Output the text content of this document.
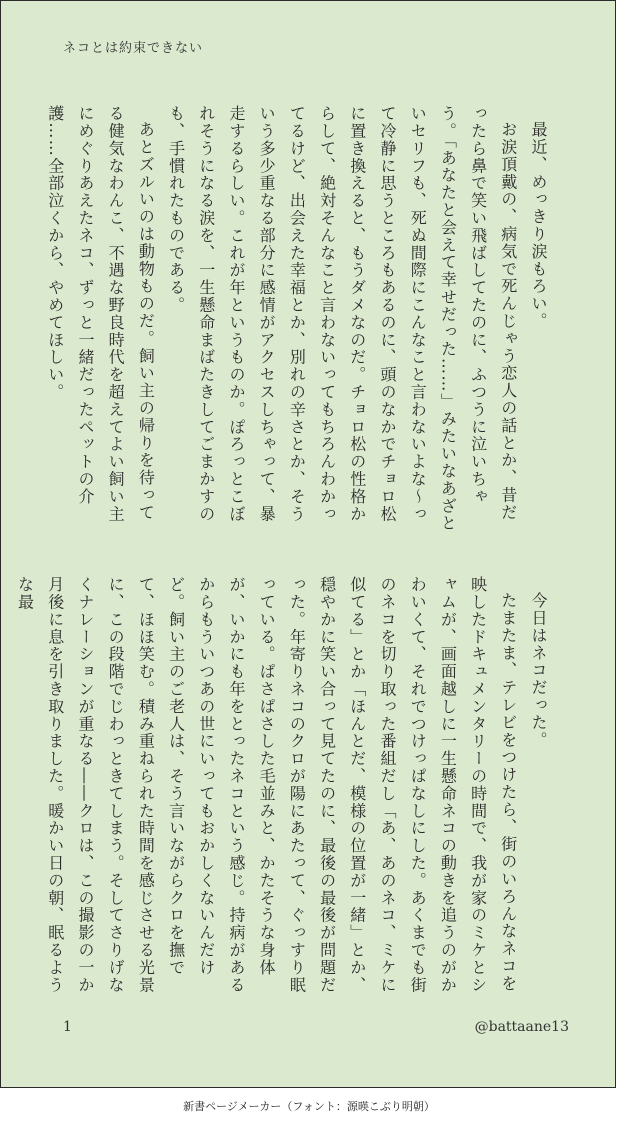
ネコとは約束できない

最近、めっきり涙もろい。

お涙頂戴の、病気で死んじゃう恋人の話とか、昔だったら鼻で笑い飛ばしてたのに、ふつうに泣いちゃう。「あなたと会えて幸せだった……」みたいなあざといセリフも、死ぬ間際にこんなこと言わないよな〜って冷静に思うところもあるのに、頭のなかでチョロ松に置き換えると、もうダメなのだ。チョロ松の性格からして、絶対そんなこと言わないってもちろんわかってるけど、出会えた幸福とか、別れの辛さとか、そういう多少重なる部分に感情がアクセスしちゃって、暴走するらしい。これが年というものか。ぽろっとこぼれそうになる涙を、一生懸命まばたきしてごまかすのも、手慣れたものである。

あとズルいのは動物ものだ。飼い主の帰りを待ってる健気なわんこ、不遇な野良時代を超えてよい飼い主にめぐりあえたネコ、ずっと一緒だったペットの介護……全部泣くから、やめてほしい。

今日はネコだった。

たまたま、テレビをつけたら、街のいろんなネコを映したドキュメンタリーの時間で、我が家のミケとシャムが、画面越しに一生懸命ネコの動きを追うのがかわいくて、それでつけっぱなしにした。あくまでも街のネコを切り取った番組だし「あ、あのネコ、ミケに似てる」とか「ほんとだ、模様の位置が一緒」とか、穏やかに笑い合って見てたのに、最後の最後が問題だった。年寄りネコのクロが陽にあたって、ぐっすり眠っている。ぱさぱさした毛並みと、かたそうな身体が、いかにも年をとったネコという感じ。持病があるからもういつあの世にいってもおかしくないんだけど。飼い主のご老人は、そう言いながらクロを撫でて、ほほ笑む。積み重ねられた時間を感じさせる光景に、この段階でじわっときてしまう。そしてさりげなくナレーションが重なる――クロは、この撮影の一か月後に息を引き取りました。暖かい日の朝、眠るような最

1	@battaane13
新書ページメーカー（フォント：源暎こぶり明朝）
